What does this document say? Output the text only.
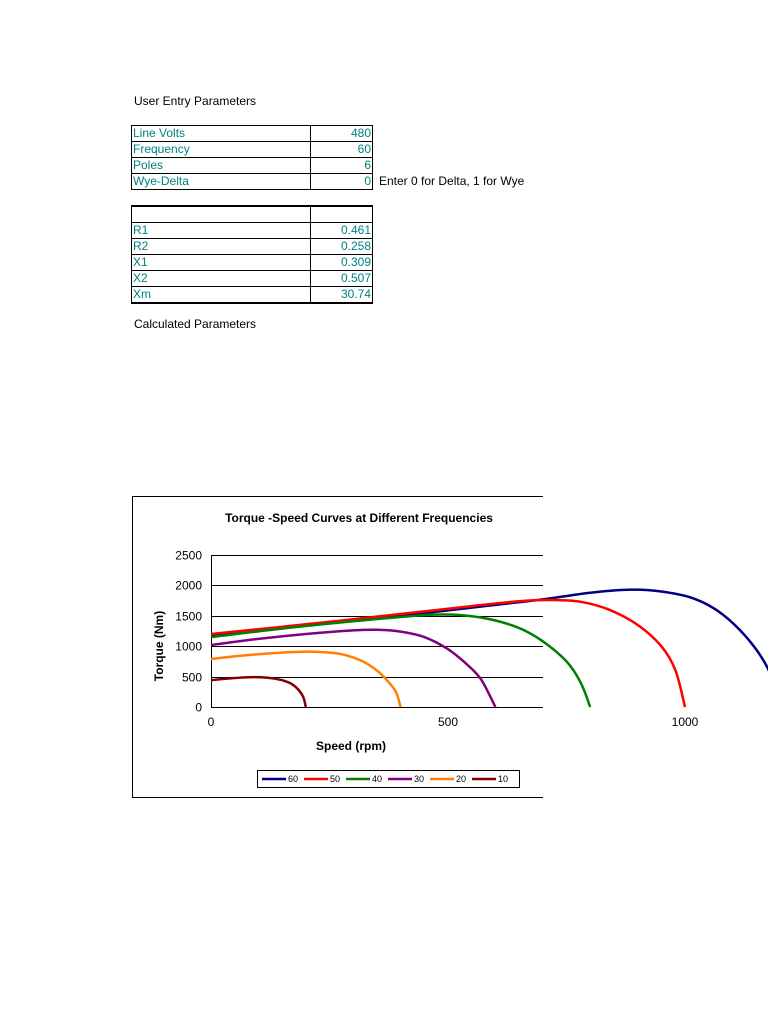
User Entry Parameters
Line Volts	480
Frequency	60
Poles	6
Wye-Delta	0 Enter 0 for Delta, 1 for Wye

R1	0.461
R2	0.258
X1	0.309
X2	0.507
Xm	30.74
Calculated Parameters
Torque -Speed Curves at Different Frequencies
0
500
1000
1500
2000
2500
0	500	1000
Speed (rpm)
Torque (Nm)
60	50	40	30	20	10
